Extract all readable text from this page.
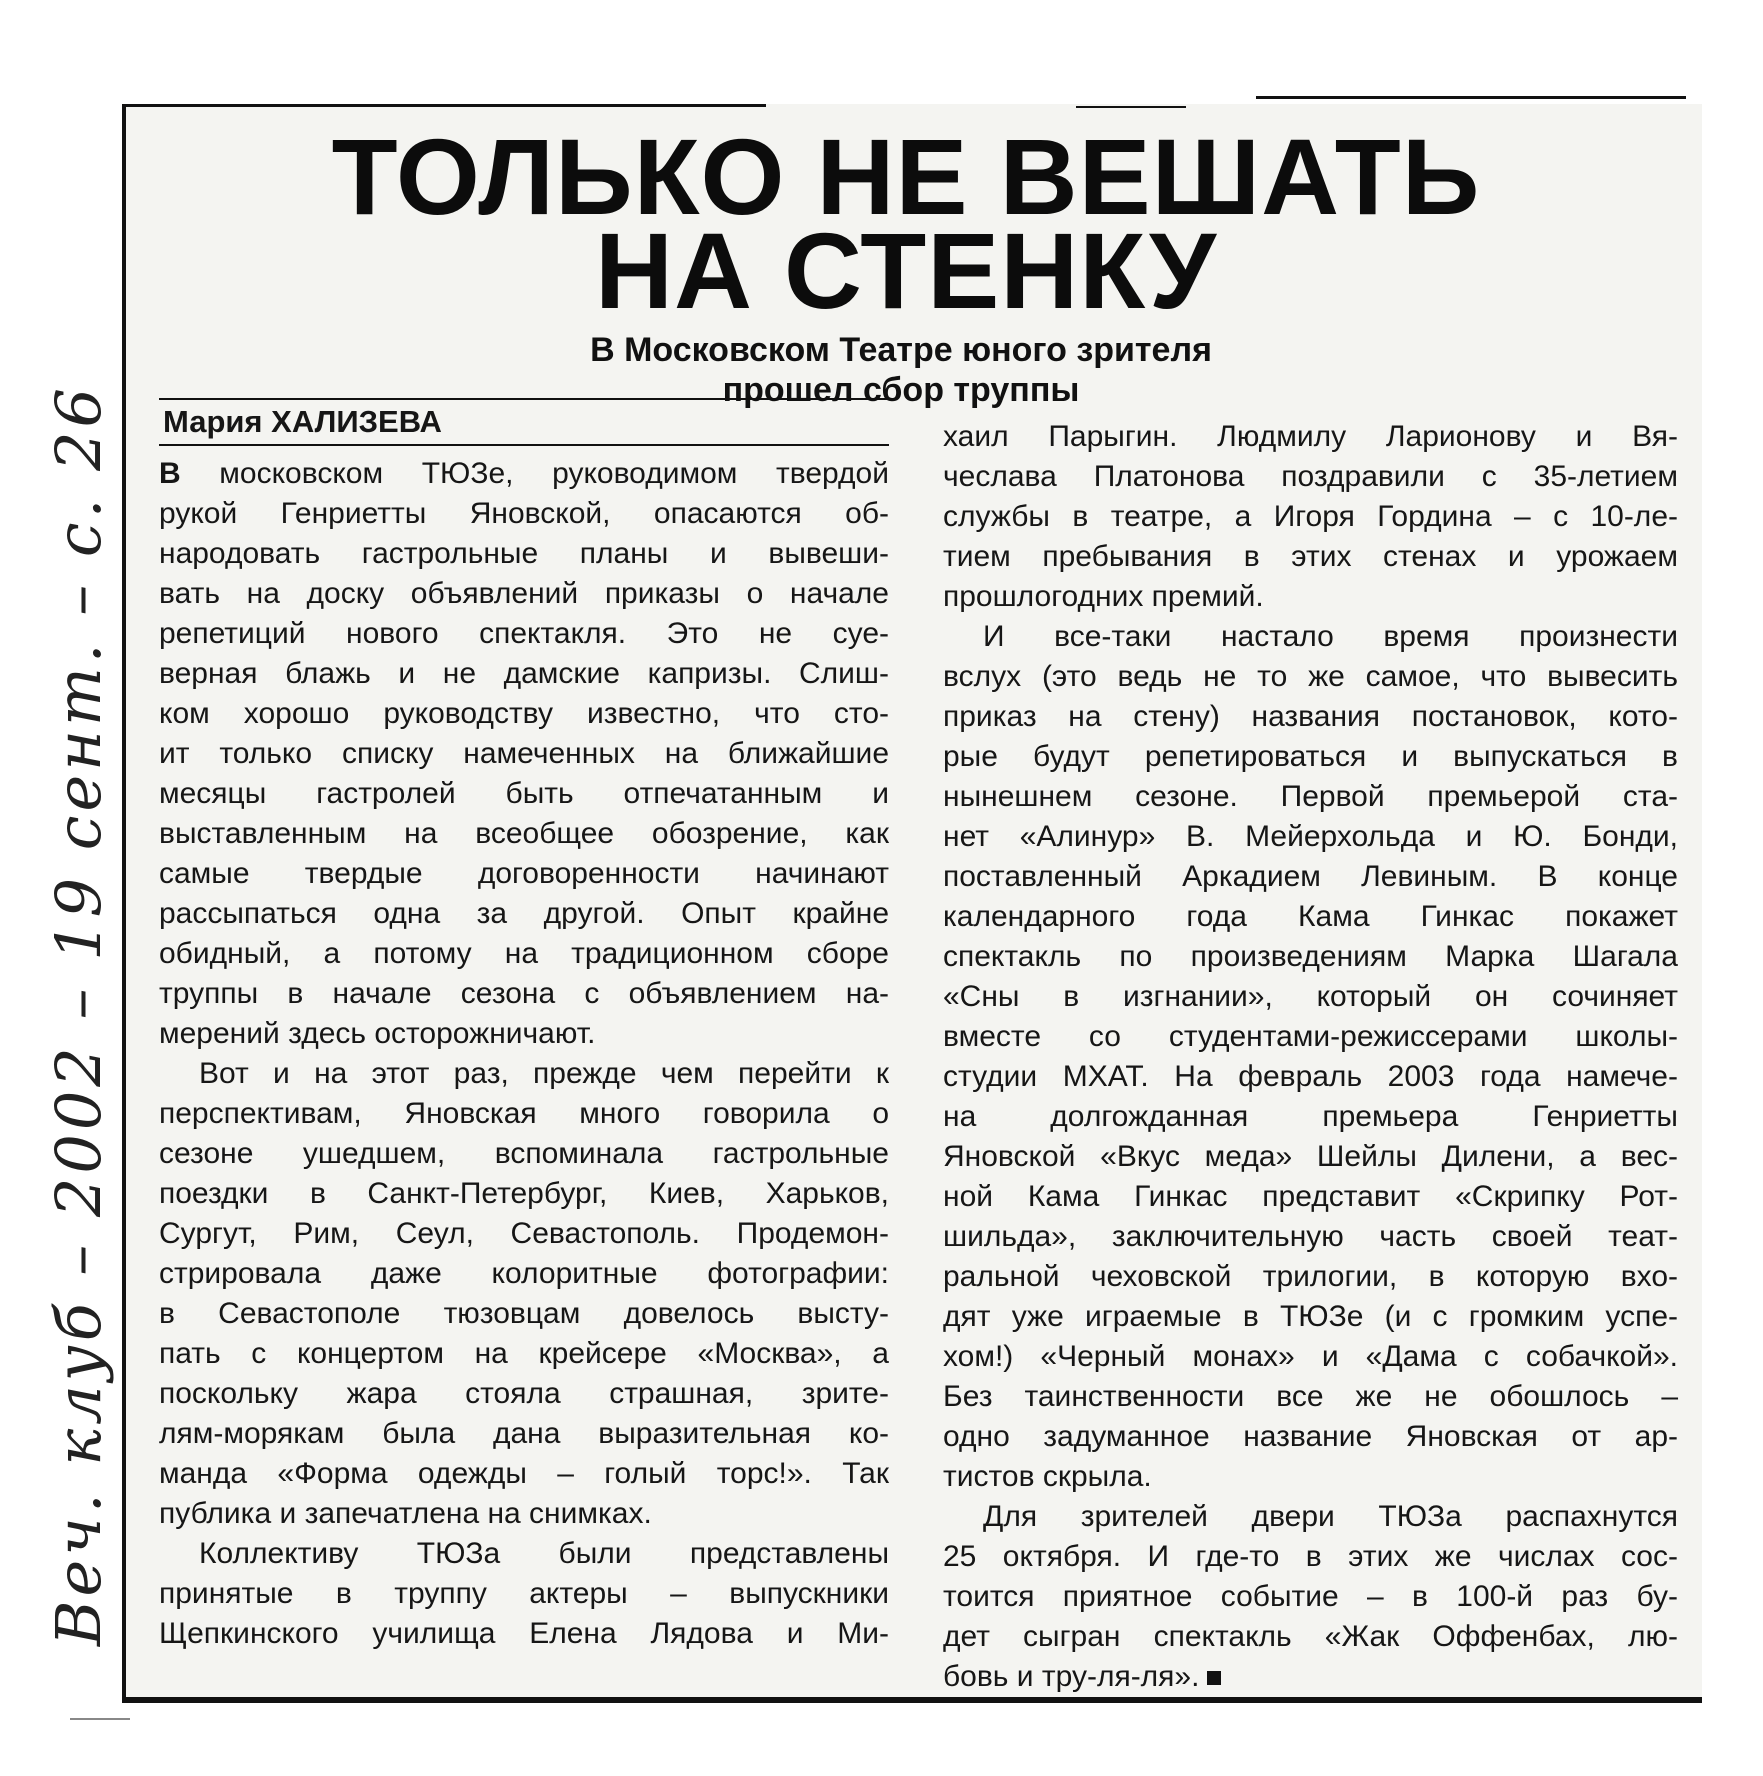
ТОЛЬКО НЕ ВЕШАТЬ
НА СТЕНКУ
В Московском Театре юного зрителя
прошел сбор труппы
Мария ХАЛИЗЕВА
В московском ТЮЗе, руководимом твердой
рукой Генриетты Яновской, опасаются об-
народовать гастрольные планы и вывеши-
вать на доску объявлений приказы о начале
репетиций нового спектакля. Это не суе-
верная блажь и не дамские капризы. Слиш-
ком хорошо руководству известно, что сто-
ит только списку намеченных на ближайшие
месяцы гастролей быть отпечатанным и
выставленным на всеобщее обозрение, как
самые твердые договоренности начинают
рассыпаться одна за другой. Опыт крайне
обидный, а потому на традиционном сборе
труппы в начале сезона с объявлением на-
мерений здесь осторожничают.
Вот и на этот раз, прежде чем перейти к
перспективам, Яновская много говорила о
сезоне ушедшем, вспоминала гастрольные
поездки в Санкт-Петербург, Киев, Харьков,
Сургут, Рим, Сеул, Севастополь. Продемон-
стрировала даже колоритные фотографии:
в Севастополе тюзовцам довелось высту-
пать с концертом на крейсере «Москва», а
поскольку жара стояла страшная, зрите-
лям-морякам была дана выразительная ко-
манда «Форма одежды – голый торс!». Так
публика и запечатлена на снимках.
Коллективу ТЮЗа были представлены
принятые в труппу актеры – выпускники
Щепкинского училища Елена Лядова и Ми-
хаил Парыгин. Людмилу Ларионову и Вя-
чеслава Платонова поздравили с 35-летием
службы в театре, а Игоря Гордина – с 10-ле-
тием пребывания в этих стенах и урожаем
прошлогодних премий.
И все-таки настало время произнести
вслух (это ведь не то же самое, что вывесить
приказ на стену) названия постановок, кото-
рые будут репетироваться и выпускаться в
нынешнем сезоне. Первой премьерой ста-
нет «Алинур» В. Мейерхольда и Ю. Бонди,
поставленный Аркадием Левиным. В конце
календарного года Кама Гинкас покажет
спектакль по произведениям Марка Шагала
«Сны в изгнании», который он сочиняет
вместе со студентами-режиссерами школы-
студии МХАТ. На февраль 2003 года намече-
на долгожданная премьера Генриетты
Яновской «Вкус меда» Шейлы Дилени, а вес-
ной Кама Гинкас представит «Скрипку Рот-
шильда», заключительную часть своей теат-
ральной чеховской трилогии, в которую вхо-
дят уже играемые в ТЮЗе (и с громким успе-
хом!) «Черный монах» и «Дама с собачкой».
Без таинственности все же не обошлось –
одно задуманное название Яновская от ар-
тистов скрыла.
Для зрителей двери ТЮЗа распахнутся
25 октября. И где-то в этих же числах сос-
тоится приятное событие – в 100-й раз бу-
дет сыгран спектакль «Жак Оффенбах, лю-
бовь и тру-ля-ля».
Веч. клуб – 2002 – 19 сент. – с. 26
